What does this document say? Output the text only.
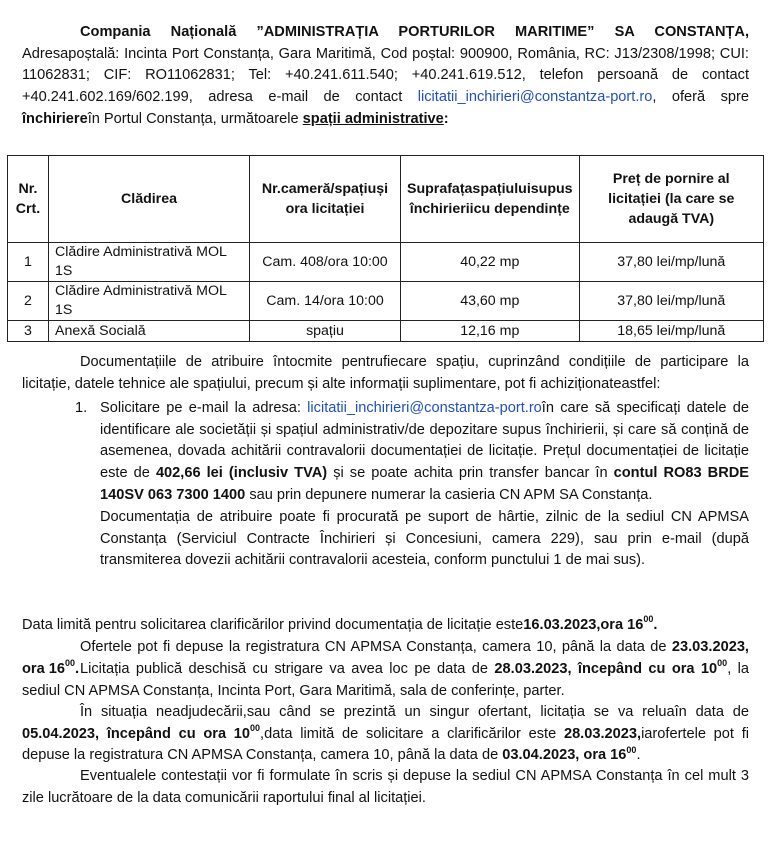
Compania Națională ”ADMINISTRAȚIA PORTURILOR MARITIME” SA CONSTANȚA, Adresapoștală: Incinta Port Constanța, Gara Maritimă, Cod poștal: 900900, România, RC: J13/2308/1998; CUI: 11062831; CIF: RO11062831; Tel: +40.241.611.540; +40.241.619.512, telefon persoană de contact +40.241.602.169/602.199, adresa e-mail de contact licitatii_inchirieri@constantza-port.ro, oferă spre închiriereîn Portul Constanța, următoarele spații administrative:
Nr. Crt.	Clădirea	Nr.cameră/spațiuși ora licitației	Suprafațaspațiuluisupus închirieriicu dependințe	Preț de pornire al licitației (la care se adaugă TVA)
1	Clădire Administrativă MOL 1S	Cam. 408/ora 10:00	40,22 mp	37,80 lei/mp/lună
2	Clădire Administrativă MOL 1S	Cam. 14/ora 10:00	43,60 mp	37,80 lei/mp/lună
3	Anexă Socială	spațiu	12,16 mp	18,65 lei/mp/lună
Documentațiile de atribuire întocmite pentrufiecare spațiu, cuprinzând condițiile de participare la licitație, datele tehnice ale spațiului, precum și alte informații suplimentare, pot fi achiziționateastfel:
1. Solicitare pe e-mail la adresa: licitatii_inchirieri@constantza-port.roîn care să specificați datele de identificare ale societății și spațiul administrativ/de depozitare supus închirierii, și care să conțină de asemenea, dovada achitării contravalorii documentației de licitație. Prețul documentației de licitație este de 402,66 lei (inclusiv TVA) și se poate achita prin transfer bancar în contul RO83 BRDE 140SV 063 7300 1400 sau prin depunere numerar la casieria CN APM SA Constanța.
Documentația de atribuire poate fi procurată pe suport de hârtie, zilnic de la sediul CN APMSA Constanța (Serviciul Contracte Închirieri și Concesiuni, camera 229), sau prin e-mail (după transmiterea dovezii achitării contravalorii acesteia, conform punctului 1 de mai sus).
Data limită pentru solicitarea clarificărilor privind documentația de licitație este16.03.2023,ora $16^{00}$.
Ofertele pot fi depuse la registratura CN APMSA Constanța, camera 10, până la data de 23.03.2023, ora $16^{00}$. Licitația publică deschisă cu strigare va avea loc pe data de 28.03.2023, începând cu ora $10^{00}$, la sediul CN APMSA Constanța, Incinta Port, Gara Maritimă, sala de conferințe, parter.
În situația neadjudecării,sau când se prezintă un singur ofertant, licitația se va reluaîn data de 05.04.2023, începând cu ora $10^{00},data$ limită de solicitare a clarificărilor este 28.03.2023,iarofertele pot fi depuse la registratura CN APMSA Constanța, camera 10, până la data de 03.04.2023, ora $16^{00}$.
Eventualele contestații vor fi formulate în scris și depuse la sediul CN APMSA Constanța în cel mult 3 zile lucrătoare de la data comunicării raportului final al licitației.
